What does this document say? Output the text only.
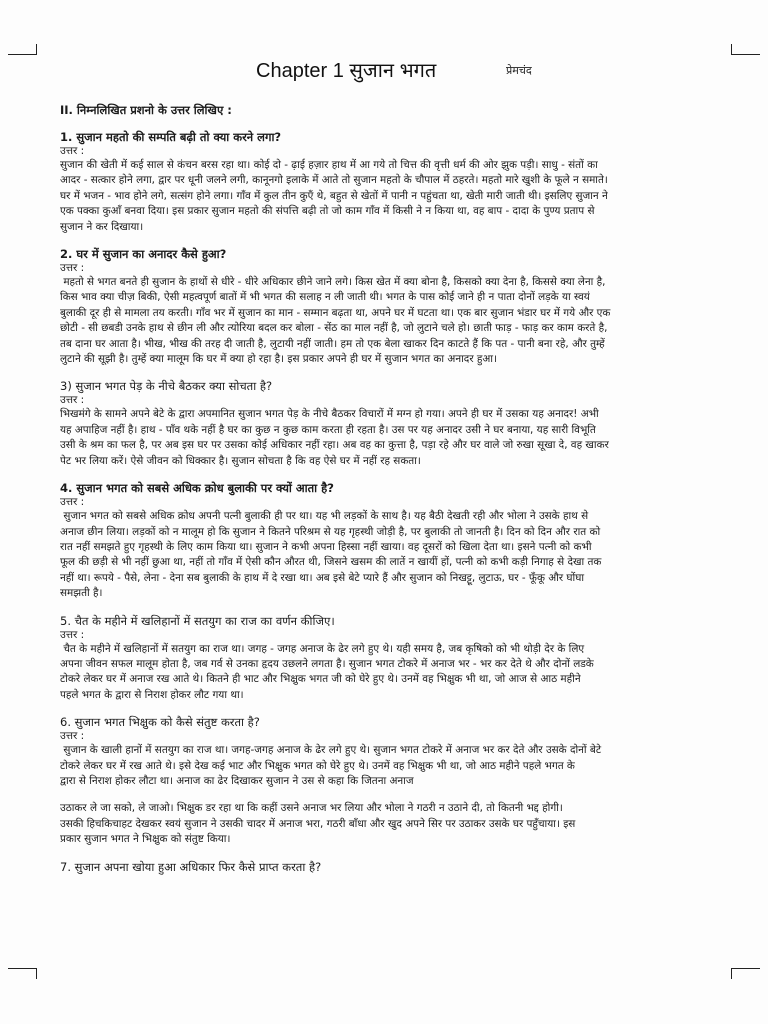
Chapter 1 सुजान भगत	प्रेमचंद
II. निम्नलिखित प्रशनो के उत्तर लिखिए :

1. सुजान महतो की सम्पति बढ़ी तो क्या करने लगा?

उत्तर :

सुजान की खेती में कई साल से कंचन बरस रहा था। कोई दो - ढ़ाई हज़ार हाथ में आ गये तो चित्त की वृत्ती धर्म की ओर झुक पड़ी। साधु - संतों का
आदर - सत्कार होने लगा, द्वार पर धूनी जलने लगी, कानूनगो इलाके में आते तो सुजान महतो के चौपाल में ठहरते। महतो मारे खुशी के फूले न समाते।
घर में भजन - भाव होने लगे, सत्संग होने लगा। गाँव में कुल तीन कुएँ थे, बहुत से खेतों में पानी न पहुंचता था, खेती मारी जाती थी। इसलिए सुजान ने
एक पक्का कुआँ बनवा दिया। इस प्रकार सुजान महतो की संपत्ति बढ़ी तो जो काम गाँव में किसी ने न किया था, वह बाप - दादा के पुण्य प्रताप से
सुजान ने कर दिखाया।

2. घर में सुजान का अनादर कैसे हुआ?

उत्तर :

महतो से भगत बनते ही सुजान के हाथों से धीरे - धीरे अधिकार छीने जाने लगे। किस खेत में क्या बोना है, किसको क्या देना है, किससे क्या लेना है,
किस भाव क्या चीज़ बिकी, ऐसी महत्वपूर्ण बातों में भी भगत की सलाह न ली जाती थी। भगत के पास कोई जाने ही न पाता दोनों लड़के या स्वयं
बुलाकी दूर ही से मामला तय करती। गाँव भर में सुजान का मान - सम्मान बढ़ता था, अपने घर में घटता था। एक बार सुजान भंडार घर में गये और एक
छोटी - सी छबडी उनके हाथ से छीन ली और त्योरिया बदल कर बोला - सेंठ का माल नहीं है, जो लुटाने चले हो। छाती फाड़ - फाड़ कर काम करते है,
तब दाना घर आता है। भीख, भीख की तरह दी जाती है, लुटायी नहीं जाती। हम तो एक बेला खाकर दिन काटते हैं कि पत - पानी बना रहे, और तुम्हें
लुटाने की सूझी है। तुम्हें क्या मालूम कि घर में क्या हो रहा है। इस प्रकार अपने ही घर में सुजान भगत का अनादर हुआ।

3) सुजान भगत पेड़ के नीचे बैठकर क्या सोचता है?

उत्तर :

भिखमंगे के सामने अपने बेटे के द्वारा अपमानित सुजान भगत पेड़ के नीचे बैठकर विचारों में मग्न हो गया। अपने ही घर में उसका यह अनादर! अभी
यह अपाहिज नहीं है। हाथ - पाँव थके नहीं है घर का कुछ न कुछ काम करता ही रहता है। उस पर यह अनादर उसी ने घर बनाया, यह सारी विभूति
उसी के श्रम का फल है, पर अब इस घर पर उसका कोई अधिकार नहीं रहा। अब वह का कुत्ता है, पड़ा रहे और घर वाले जो रुखा सूखा दे, वह खाकर
पेट भर लिया करें। ऐसे जीवन को धिक्कार है। सुजान सोचता है कि वह ऐसे घर में नहीं रह सकता।

4. सुजान भगत को सबसे अधिक क्रोध बुलाकी पर क्यों आता है?

उत्तर :

सुजान भगत को सबसे अधिक क्रोध अपनी पत्नी बुलाकी ही पर था। यह भी लड़कों के साथ है। यह बैठी देखती रही और भोला ने उसके हाथ से
अनाज छीन लिया। लड़कों को न मालूम हो कि सुजान ने कितने परिश्रम से यह गृहस्थी जोड़ी है, पर बुलाकी तो जानती है। दिन को दिन और रात को
रात नहीं समझते हुए गृहस्थी के लिए काम किया था। सुजान ने कभी अपना हिस्सा नहीं खाया। वह दूसरों को खिला देता था। इसने पत्नी को कभी
फूल की छड़ी से भी नहीं छुआ था, नहीं तो गाँव में ऐसी कौन औरत थी, जिसने खसम की लातें न खायीं हों, पत्नी को कभी कड़ी निगाह से देखा तक
नहीं था। रूपये - पैसे, लेना - देना सब बुलाकी के हाथ में दे रखा था। अब इसे बेटे प्यारे हैं और सुजान को निखट्टू, लुटाऊ, घर - फूँकू और घोंघा
समझती है।

5. चैत के महीने में खलिहानों में सतयुग का राज का वर्णन कीजिए।

उत्तर :

चैत के महीने में खलिहानों में सतयुग का राज था। जगह - जगह अनाज के ढेर लगे हुए थे। यही समय है, जब कृषिको को भी थोड़ी देर के लिए
अपना जीवन सफल मालूम होता है, जब गर्व से उनका हृदय उछलने लगता है। सुजान भगत टोकरे में अनाज भर - भर कर देते थे और दोनों लडके
टोकरे लेकर घर में अनाज रख आते थे। कितने ही भाट और भिक्षुक भगत जी को घेरे हुए थे। उनमें वह भिक्षुक भी था, जो आज से आठ महीने
पहले भगत के द्वारा से निराश होकर लौट गया था।

6. सुजान भगत भिक्षुक को कैसे संतुष्ट करता है?

उत्तर :

सुजान के खाली हानों में सतयुग का राज था। जगह-जगह अनाज के ढेर लगे हुए थे। सुजान भगत टोकरे में अनाज भर कर देते और उसके दोनों बेटे
टोकरे लेकर घर में रख आते थे। इसे देख कई भाट और भिक्षुक भगत को घेरे हुए थे। उनमें वह भिक्षुक भी था, जो आठ महीने पहले भगत के
द्वारा से निराश होकर लौटा था। अनाज का ढेर दिखाकर सुजान ने उस से कहा कि जितना अनाज

उठाकर ले जा सको, ले जाओ। भिक्षुक डर रहा था कि कहीं उसने अनाज भर लिया और भोला ने गठरी न उठाने दी, तो कितनी भद्द होगी।
उसकी हिचकिचाहट देखकर स्वयं सुजान ने उसकी चादर में अनाज भरा, गठरी बाँधा और खुद अपने सिर पर उठाकर उसके घर पहुँचाया। इस
प्रकार सुजान भगत ने भिक्षुक को संतुष्ट किया।

7. सुजान अपना खोया हुआ अधिकार फिर कैसे प्राप्त करता है?
